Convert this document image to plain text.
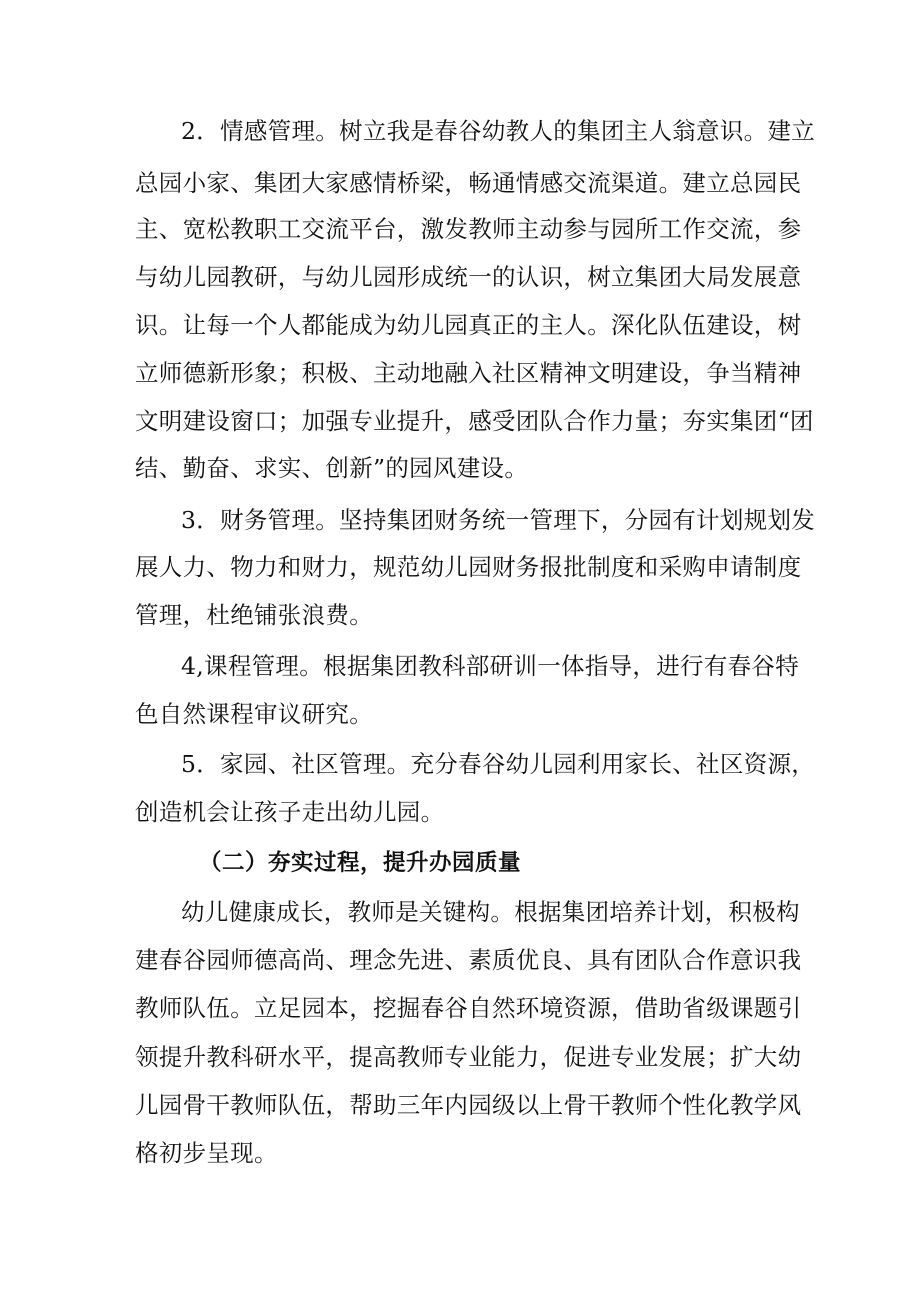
2．情感管理。树立我是春谷幼教人的集团主人翁意识。建立
总园小家、集团大家感情桥梁，畅通情感交流渠道。建立总园民
主、宽松教职工交流平台，激发教师主动参与园所工作交流，参
与幼儿园教研，与幼儿园形成统一的认识，树立集团大局发展意
识。让每一个人都能成为幼儿园真正的主人。深化队伍建设，树
立师德新形象；积极、主动地融入社区精神文明建设，争当精神
文明建设窗口；加强专业提升，感受团队合作力量；夯实集团“团
结、勤奋、求实、创新”的园风建设。
3．财务管理。坚持集团财务统一管理下，分园有计划规划发
展人力、物力和财力，规范幼儿园财务报批制度和采购申请制度
管理，杜绝铺张浪费。
4,课程管理。根据集团教科部研训一体指导，进行有春谷特
色自然课程审议研究。
5．家园、社区管理。充分春谷幼儿园利用家长、社区资源，
创造机会让孩子走出幼儿园。
（二）夯实过程，提升办园质量
幼儿健康成长，教师是关键构。根据集团培养计划，积极构
建春谷园师德高尚、理念先进、素质优良、具有团队合作意识我
教师队伍。立足园本，挖掘春谷自然环境资源，借助省级课题引
领提升教科研水平，提高教师专业能力，促进专业发展；扩大幼
儿园骨干教师队伍，帮助三年内园级以上骨干教师个性化教学风
格初步呈现。
